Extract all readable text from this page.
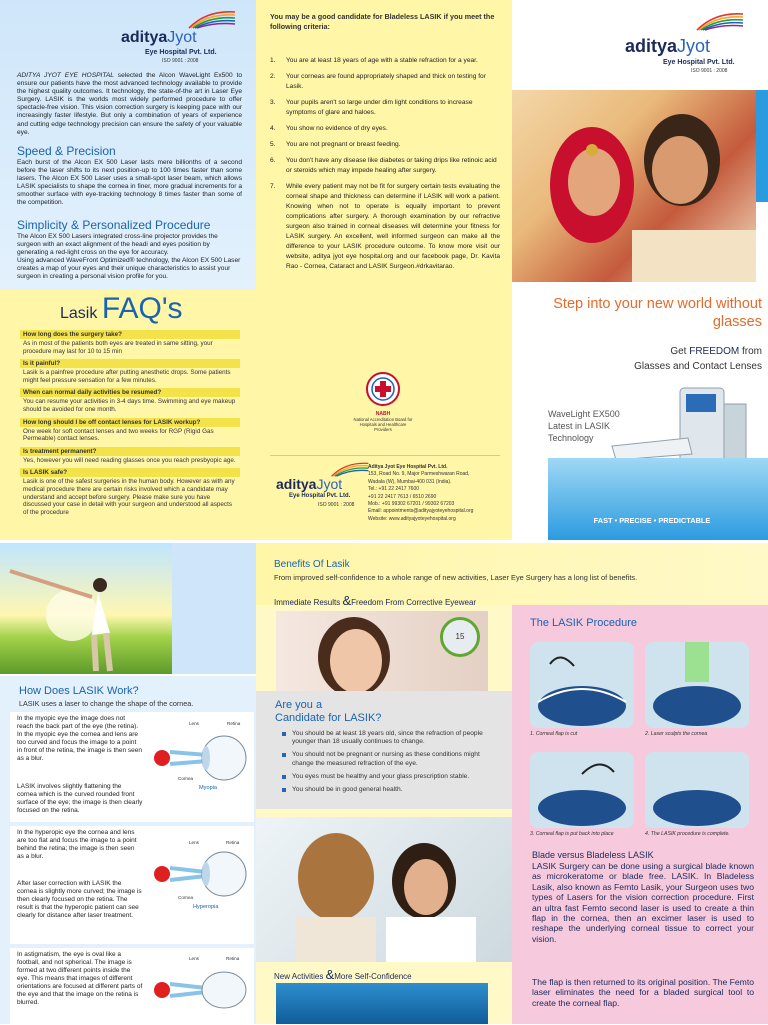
adityaJyot
Eye Hospital Pvt. Ltd.
ISO 9001 : 2008
ADITYA JYOT EYE HOSPITAL selected the Alcon WaveLight Ex500 to ensure our patients have the most advanced technology available to provide the highest quality outcomes. It technology, the state-of-the art in Laser Eye Surgery. LASIK is the worlds most widely performed procedure to offer spectacle-free vision. This vision correction surgery is keeping pace with our increasingly faster lifestyle. But only a combination of years of experience and cutting edge technology precision can ensure the safety of your valuable eye.
Speed & Precision
Each burst of the Alcon EX 500 Laser lasts mere billionths of a second before the laser shifts to its next position-up to 100 times faster than some lasers. The Alcon EX 500 Laser uses a small-spot laser beam, which allows LASIK specialists to shape the cornea in finer, more gradual increments for a smoother surface with eye-tracking technology 8 times faster than some of the competition.
Simplicity & Personalized Procedure
The Alcon EX 500 Lasers integrated cross-line projector provides the surgeon with an exact alignment of the headi and eyes position by generating a red-light cross on the eye for accuracy.
Using advanced WaveFront Optimized® technology, the Alcon EX 500 Laser creates a map of your eyes and their unique characteristics to assist your surgeon in creating a personal vision profile for you.
Lasik FAQ's
How long does the surgery take?
As in most of the patients both eyes are treated in same sitting, your procedure may last for 10 to 15 min
Is it painful?
Lasik is a painfree procedure after putting anesthetic drops. Some patients might feel pressure sensation for a few minutes.
When can normal daily activities be resumed?
You can resume your activities in 3-4 days time. Swimming and eye makeup should be avoided for one month.
How long should I be off contact lenses for LASIK workup?
One week for soft contact lenses and two weeks for RGP (Rigid Gas Permeable) contact lenses.
Is treatment permanent?
Yes, however you will need reading glasses once you reach presbyopic age.
Is LASIK safe?
Lasik is one of the safest surgeries in the human body. However as with any medical procedure there are certain risks involved which a candidate may understand and accept before surgery. Please make sure you have discussed your case in detail with your surgeon and understood all aspects of the procedure
You may be a good candidate for Bladeless LASIK if you meet the following criteria:
1. You are at least 18 years of age with a stable refraction for a year.
2. Your corneas are found appropriately shaped and thick on testing for Lasik.
3. Your pupils aren't so large under dim light conditions to increase symptoms of glare and haloes.
4. You show no evidence of dry eyes.
5. You are not pregnant or breast feeding.
6. You don't have any disease like diabetes or taking drips like retinoic acid or steroids which may impede healing after surgery.
7. While every patient may not be fit for surgery certain tests evaluating the corneal shape and thickness can determine if LASIK will work a patient. Knowing when not to operate is equally important to prevent complications after surgery. A thorough examination by our refractive surgeon also trained in corneal diseases will determine your fitness for LASIK surgery. An excellent, well informed surgeon can make all the difference to your LASIK procedure outcome. To know more visit our website, aditya jyot eye hospital.org and our facebook page, Dr. Kavita Rao - Cornea, Cataract and LASIK Surgeon.#drkavitarao.
NABH
National Accreditation Board for Hospitals and Healthcare Providers
adityaJyot
Eye Hospital Pvt. Ltd.
ISO 9001 : 2008
Aditya Jyot Eye Hospital Pvt. Ltd.
153, Road No. 9, Major Parmeshwaran Road,
Wadala (W), Mumbai-400 031 (India).
Tel.: +91 22 2417 7600
+91 22 2417 7613 / 6510 2690
Mob.: +91 99302 67201 / 99302 67203
Email: appointments@adityajyoteyehospital.org
Website: www.adityajyoteyehospital.org
adityaJyot
Eye Hospital Pvt. Ltd.
ISO 9001 : 2008
Step into your new world without glasses
Get FREEDOM from
Glasses and Contact Lenses
WaveLight EX500
Latest in LASIK
Technology
FAST • PRECISE • PREDICTABLE
How Does LASIK Work?
LASIK uses a laser to change the shape of the cornea.

In the myopic eye the image does not reach the back part of the eye (the retina). In the myopic eye the cornea and lens are too curved and focus the image to a point in front of the retina, the image is then seen as a blur.

LASIK involves slightly flattening the cornea which is the curved rounded front surface of the eye; the image is then clearly focused on the retina.

In the hyperopic eye the cornea and lens are too flat and focus the image to a point behind the retina; the image is then seen as a blur.

After laser correction with LASIK the cornea is slightly more curved; the image is then clearly focused on the retina. The result is that the hyperopic patient can see clearly for distance after laser treatment.

In astigmatism, the eye is oval like a football, and not spherical. The image is formed at two different points inside the eye. This means that images of different orientations are focused at different parts of the eye and that the image on the retina is blurred.

Lens	Retina
Cornea
Myopia
Lens	Retina
Cornea
Hyperopia
Lens	Retina
Benefits Of Lasik
From improved self-confidence to a whole range of new activities, Laser Eye Surgery has a long list of benefits.
Immediate Results &Freedom From Corrective Eyewear
15
Are you a
Candidate for LASIK?
You should be at least 18 years old, since the refraction of people younger than 18 usually continues to change.
You should not be pregnant or nursing as these conditions might change the measured refraction of the eye.
You eyes must be healthy and your glass prescription stable.
You should be in good general health.
New Activities &More Self-Confidence
The LASIK Procedure
1. Corneal flap is cut	2. Laser sculpts the cornea
3. Corneal flap is put back into place	4. The LASIK procedure is complete.
Blade versus Bladeless LASIK
LASIK Surgery can be done using a surgical blade known as microkeratome or blade free. LASIK. In Bladeless Lasik, also known as Femto Lasik, your Surgeon uses two types of Lasers for the vision correction procedure. First an ultra fast Femto second laser is used to create a thin flap in the cornea, then an excimer laser is used to reshape the underlying corneal tissue to correct your vision.
The flap is then returned to its original position. The Femto laser eliminates the need for a bladed surgical tool to create the corneal flap.
